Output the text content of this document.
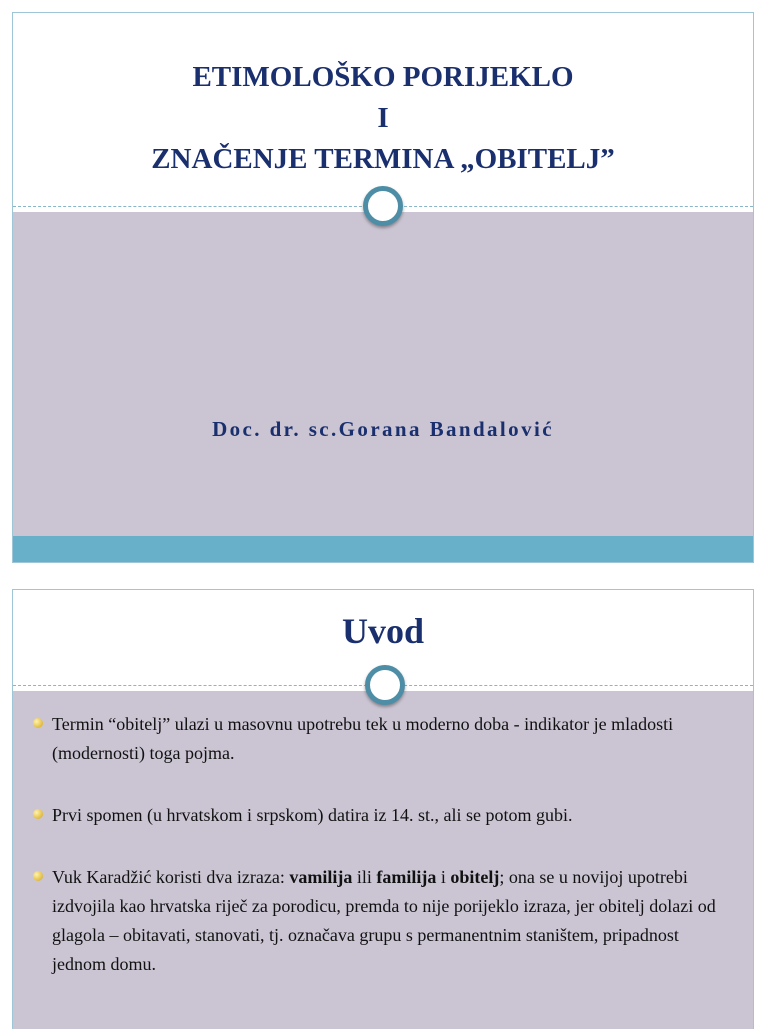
ETIMOLOŠKO PORIJEKLO
I
ZNAČENJE TERMINA „OBITELJ”
Doc. dr. sc.Gorana Bandalović
Uvod
Termin “obitelj” ulazi u masovnu upotrebu tek u moderno doba - indikator je mladosti (modernosti) toga pojma.
Prvi spomen (u hrvatskom i srpskom) datira iz 14. st., ali se potom gubi.
Vuk Karadžić koristi dva izraza: vamilija ili familija i obitelj; ona se u novijoj upotrebi izdvojila kao hrvatska riječ za porodicu, premda to nije porijeklo izraza, jer obitelj dolazi od glagola – obitavati, stanovati, tj. označava grupu s permanentnim staništem, pripadnost jednom domu.
